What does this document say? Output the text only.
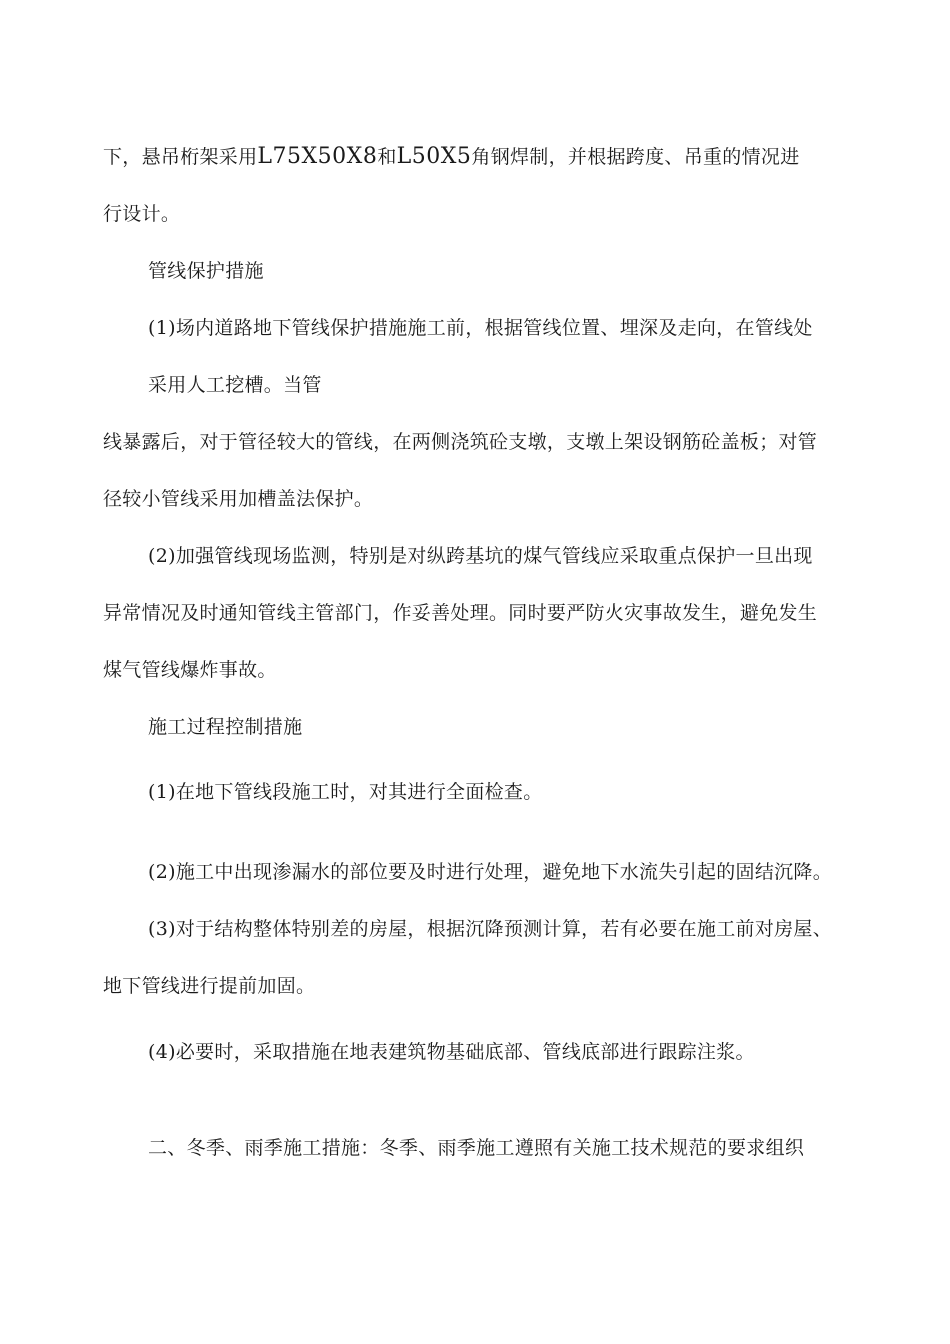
下，悬吊桁架采用L75X50X8和L50X5角钢焊制，并根据跨度、吊重的情况进
行设计。
管线保护措施
(1)场内道路地下管线保护措施施工前，根据管线位置、埋深及走向，在管线处
采用人工挖槽。当管
线暴露后，对于管径较大的管线，在两侧浇筑砼支墩，支墩上架设钢筋砼盖板；对管
径较小管线采用加槽盖法保护。
(2)加强管线现场监测，特别是对纵跨基坑的煤气管线应采取重点保护一旦出现
异常情况及时通知管线主管部门，作妥善处理。同时要严防火灾事故发生，避免发生
煤气管线爆炸事故。
施工过程控制措施
(1)在地下管线段施工时，对其进行全面检查。
(2)施工中出现渗漏水的部位要及时进行处理，避免地下水流失引起的固结沉降。
(3)对于结构整体特别差的房屋，根据沉降预测计算，若有必要在施工前对房屋、
地下管线进行提前加固。
(4)必要时，采取措施在地表建筑物基础底部、管线底部进行跟踪注浆。
二、冬季、雨季施工措施：冬季、雨季施工遵照有关施工技术规范的要求组织
